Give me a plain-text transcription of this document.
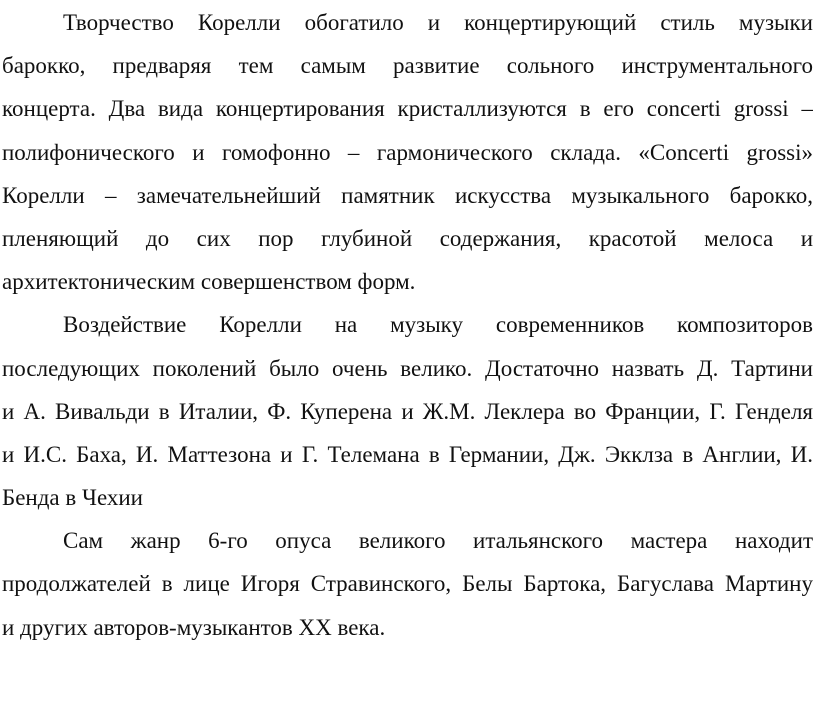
Творчество Корелли обогатило и концертирующий стиль музыки
барокко, предваряя тем самым развитие сольного инструментального
концерта. Два вида концертирования кристаллизуются в его concerti grossi –
полифонического и гомофонно – гармонического склада. «Concerti grossi»
Корелли – замечательнейший памятник искусства музыкального барокко,
пленяющий до сих пор глубиной содержания, красотой мелоса и
архитектоническим совершенством форм.
Воздействие Корелли на музыку современников композиторов
последующих поколений было очень велико. Достаточно назвать Д. Тартини
и А. Вивальди в Италии, Ф. Куперена и Ж.М. Леклера во Франции, Г. Генделя
и И.С. Баха, И. Маттезона и Г. Телемана в Германии, Дж. Экклза в Англии, И.
Бенда в Чехии
Сам жанр 6-го опуса великого итальянского мастера находит
продолжателей в лице Игоря Стравинского, Белы Бартока, Багуслава Мартину
и других авторов-музыкантов XX века.
